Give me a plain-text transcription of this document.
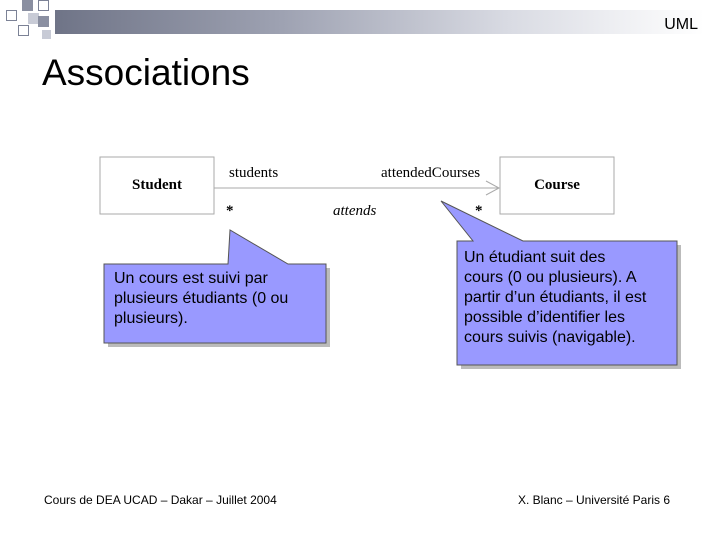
UML
Associations
Student	Course
students	attendedCourses
*	*
attends
Un cours est suivi par
plusieurs étudiants (0 ou
plusieurs).
Un étudiant suit des
cours (0 ou plusieurs). A
partir d’un étudiants, il est
possible d’identifier les
cours suivis (navigable).
Cours de DEA UCAD – Dakar – Juillet 2004	X. Blanc – Université Paris 6
